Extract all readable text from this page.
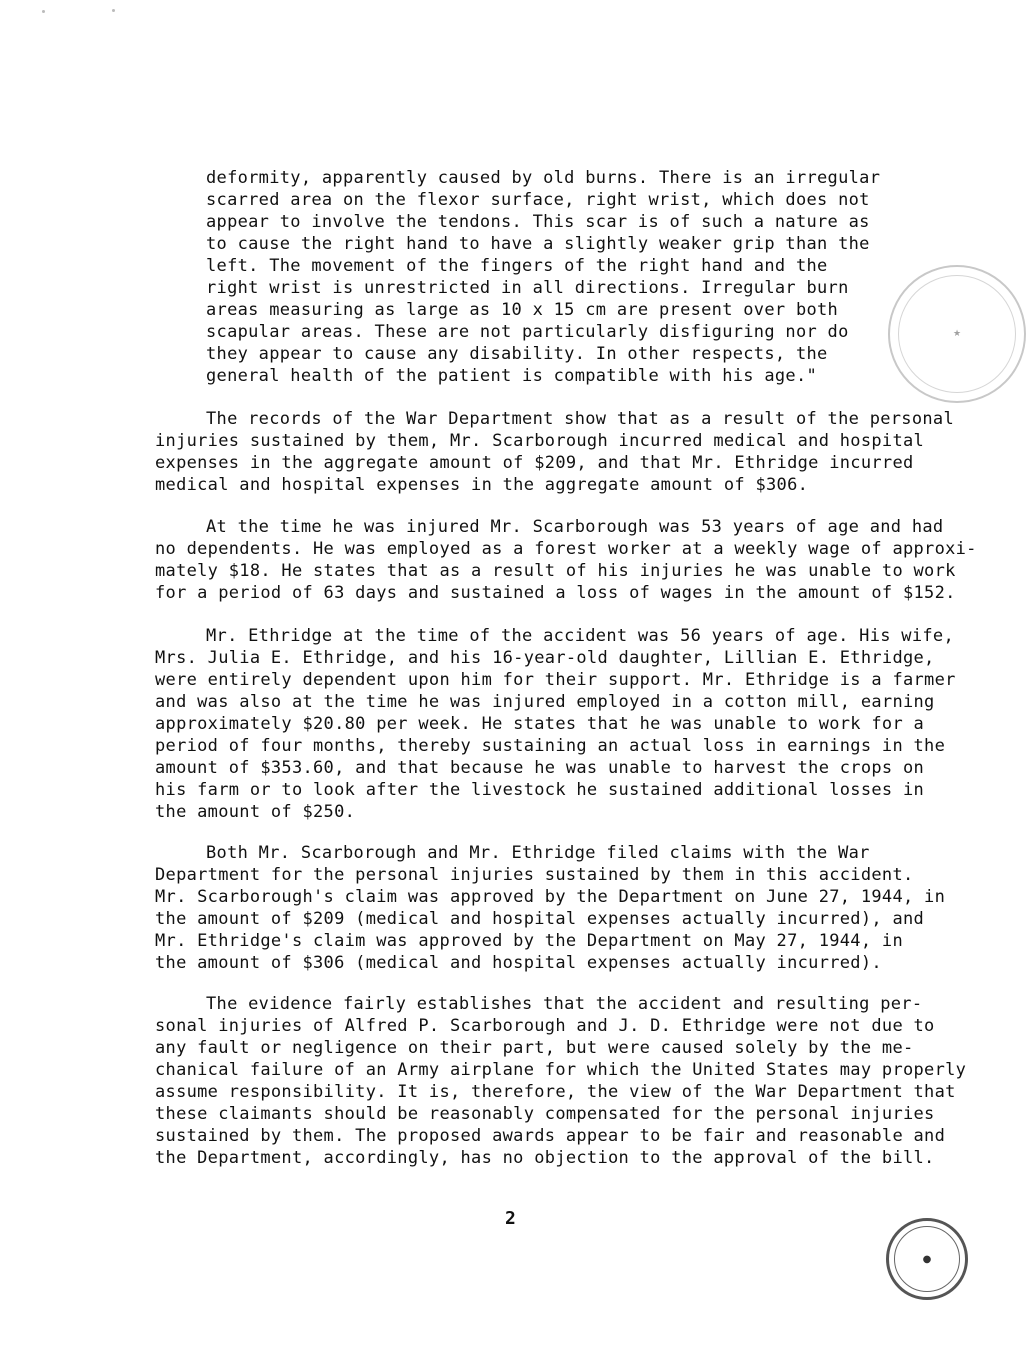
deformity, apparently caused by old burns. There is an irregular
scarred area on the flexor surface, right wrist, which does not
appear to involve the tendons. This scar is of such a nature as
to cause the right hand to have a slightly weaker grip than the
left. The movement of the fingers of the right hand and the
right wrist is unrestricted in all directions. Irregular burn
areas measuring as large as 10 x 15 cm are present over both
scapular areas. These are not particularly disfiguring nor do
they appear to cause any disability. In other respects, the
general health of the patient is compatible with his age."
The records of the War Department show that as a result of the personal
injuries sustained by them, Mr. Scarborough incurred medical and hospital
expenses in the aggregate amount of $209, and that Mr. Ethridge incurred
medical and hospital expenses in the aggregate amount of $306.
At the time he was injured Mr. Scarborough was 53 years of age and had
no dependents. He was employed as a forest worker at a weekly wage of approxi-
mately $18. He states that as a result of his injuries he was unable to work
for a period of 63 days and sustained a loss of wages in the amount of $152.
Mr. Ethridge at the time of the accident was 56 years of age. His wife,
Mrs. Julia E. Ethridge, and his 16-year-old daughter, Lillian E. Ethridge,
were entirely dependent upon him for their support. Mr. Ethridge is a farmer
and was also at the time he was injured employed in a cotton mill, earning
approximately $20.80 per week. He states that he was unable to work for a
period of four months, thereby sustaining an actual loss in earnings in the
amount of $353.60, and that because he was unable to harvest the crops on
his farm or to look after the livestock he sustained additional losses in
the amount of $250.
Both Mr. Scarborough and Mr. Ethridge filed claims with the War
Department for the personal injuries sustained by them in this accident.
Mr. Scarborough's claim was approved by the Department on June 27, 1944, in
the amount of $209 (medical and hospital expenses actually incurred), and
Mr. Ethridge's claim was approved by the Department on May 27, 1944, in
the amount of $306 (medical and hospital expenses actually incurred).
The evidence fairly establishes that the accident and resulting per-
sonal injuries of Alfred P. Scarborough and J. D. Ethridge were not due to
any fault or negligence on their part, but were caused solely by the me-
chanical failure of an Army airplane for which the United States may properly
assume responsibility. It is, therefore, the view of the War Department that
these claimants should be reasonably compensated for the personal injuries
sustained by them. The proposed awards appear to be fair and reasonable and
the Department, accordingly, has no objection to the approval of the bill.
2
★
●
